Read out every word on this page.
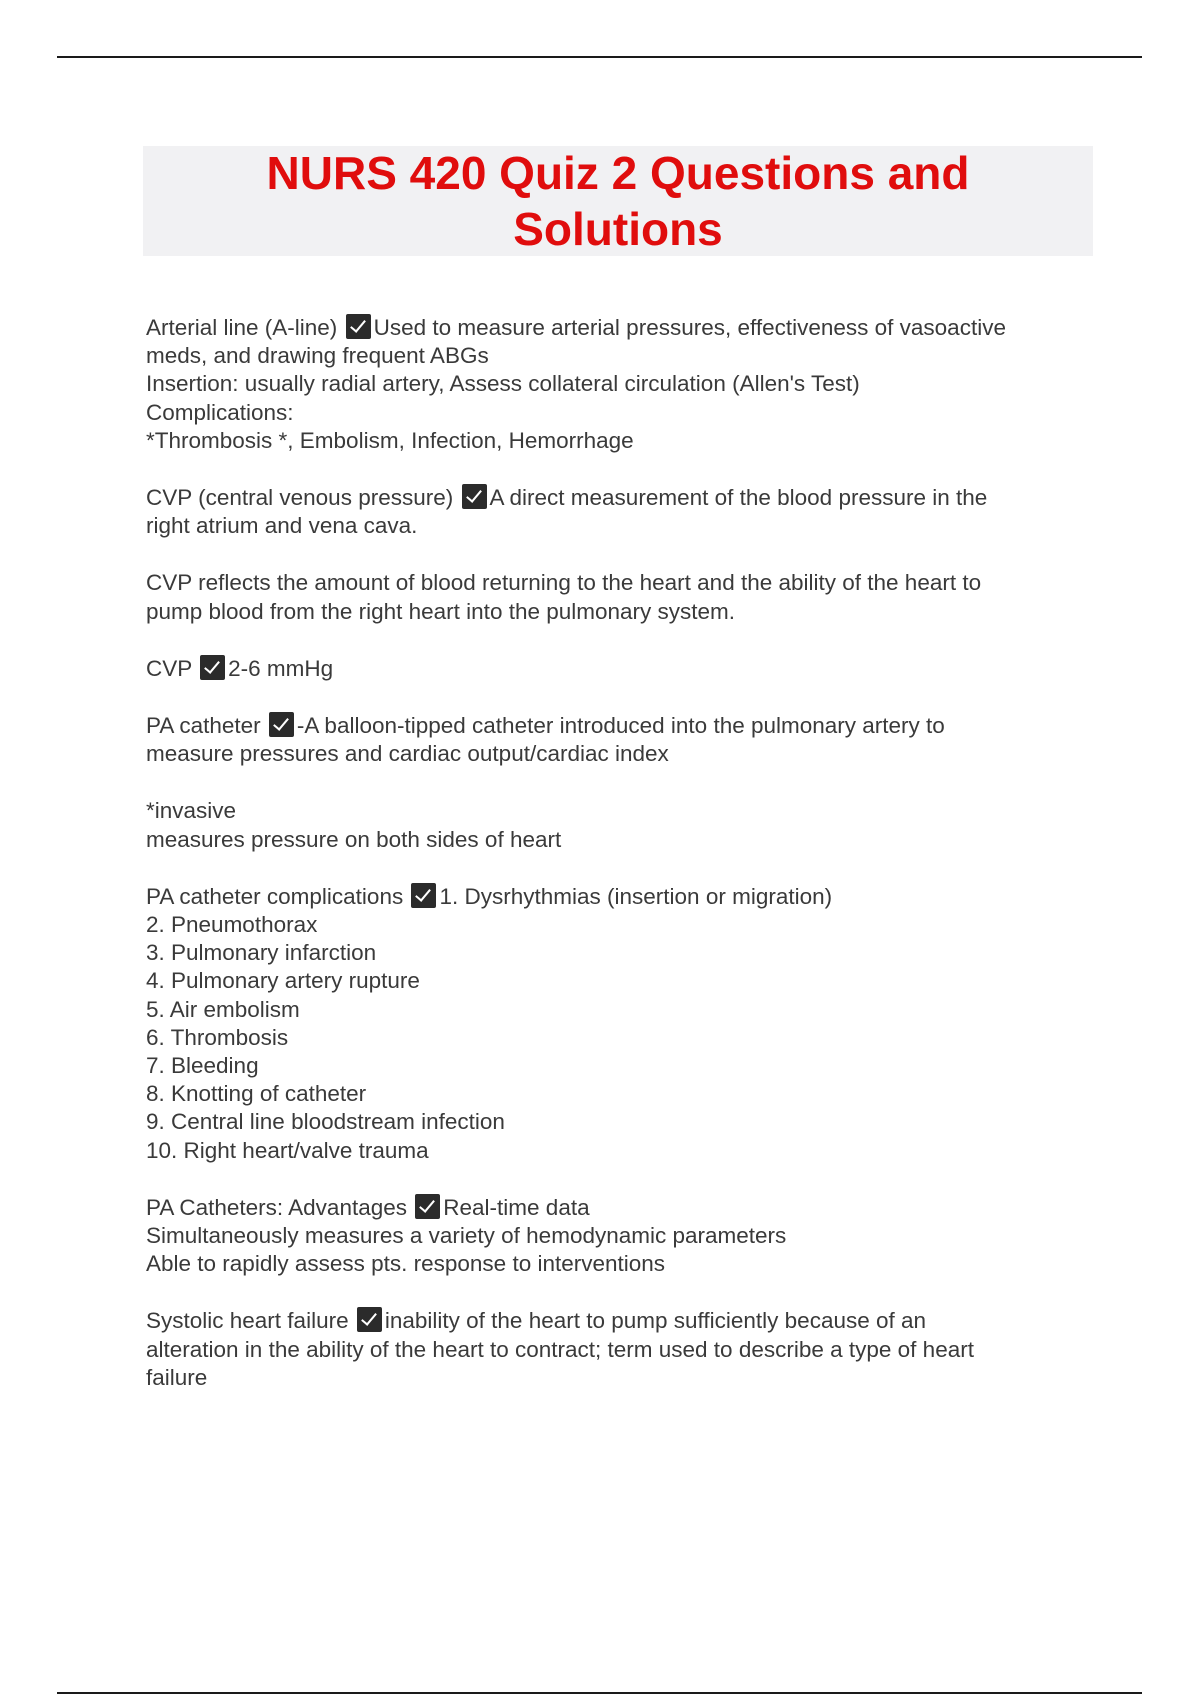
NURS 420 Quiz 2 Questions and Solutions
Arterial line (A-line) Used to measure arterial pressures, effectiveness of vasoactive
meds, and drawing frequent ABGs
Insertion: usually radial artery, Assess collateral circulation (Allen's Test)
Complications:
*Thrombosis *, Embolism, Infection, Hemorrhage
CVP (central venous pressure) A direct measurement of the blood pressure in the
right atrium and vena cava.
CVP reflects the amount of blood returning to the heart and the ability of the heart to
pump blood from the right heart into the pulmonary system.
CVP 2-6 mmHg
PA catheter -A balloon-tipped catheter introduced into the pulmonary artery to
measure pressures and cardiac output/cardiac index
*invasive
measures pressure on both sides of heart
PA catheter complications 1. Dysrhythmias (insertion or migration)
2. Pneumothorax
3. Pulmonary infarction
4. Pulmonary artery rupture
5. Air embolism
6. Thrombosis
7. Bleeding
8. Knotting of catheter
9. Central line bloodstream infection
10. Right heart/valve trauma
PA Catheters: Advantages Real-time data
Simultaneously measures a variety of hemodynamic parameters
Able to rapidly assess pts. response to interventions
Systolic heart failure inability of the heart to pump sufficiently because of an
alteration in the ability of the heart to contract; term used to describe a type of heart
failure
